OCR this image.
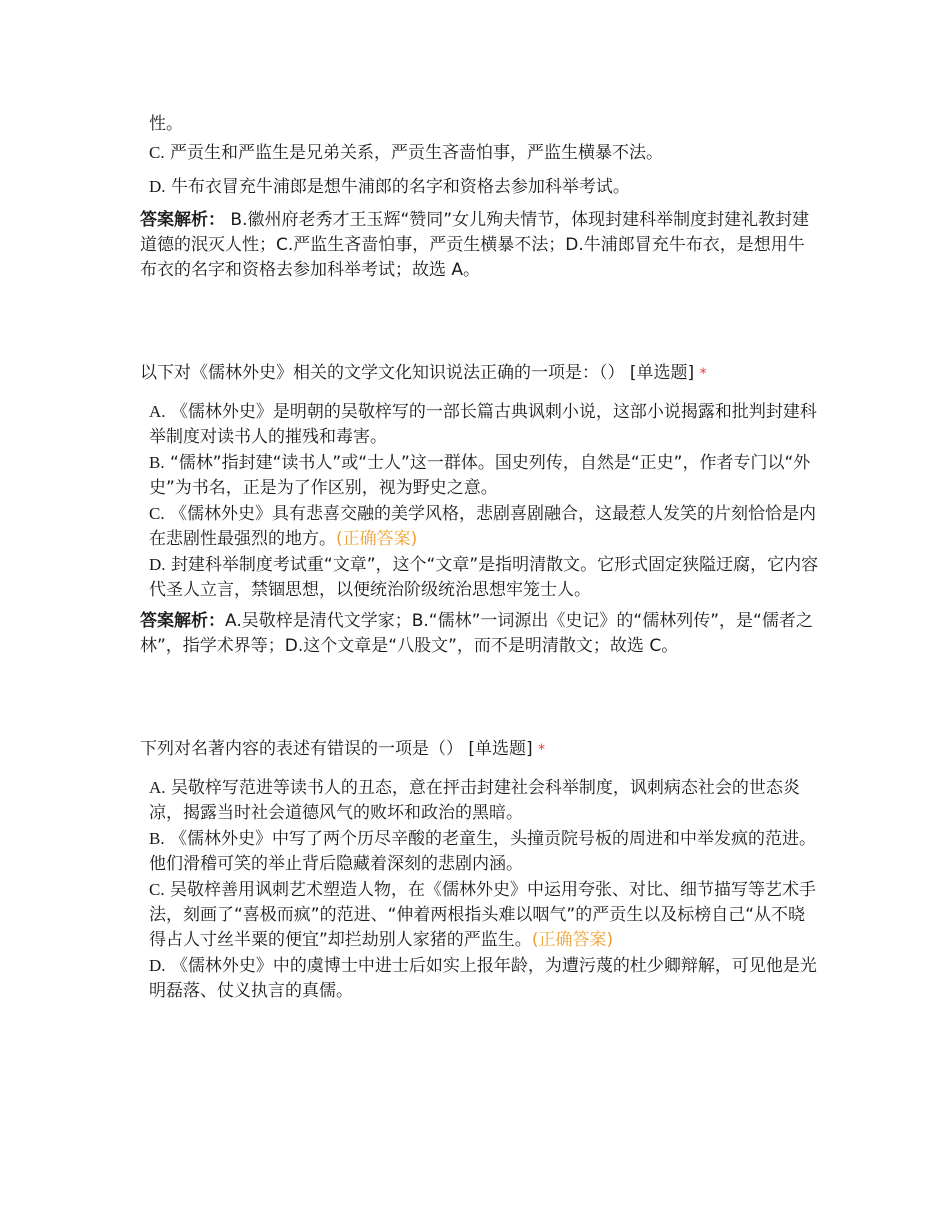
性。

C. 严贡生和严监生是兄弟关系，严贡生吝啬怕事，严监生横暴不法。

D. 牛布衣冒充牛浦郎是想牛浦郎的名字和资格去参加科举考试。

答案解析： B.徽州府老秀才王玉辉“赞同”女儿殉夫情节，体现封建科举制度封建礼教封建道德的泯灭人性；C.严监生吝啬怕事，严贡生横暴不法；D.牛浦郎冒充牛布衣，是想用牛布衣的名字和资格去参加科举考试；故选 A。

以下对《儒林外史》相关的文学文化知识说法正确的一项是：（） [单选题] *

A. 《儒林外史》是明朝的吴敬梓写的一部长篇古典讽刺小说，这部小说揭露和批判封建科举制度对读书人的摧残和毒害。

B. “儒林”指封建“读书人”或“士人”这一群体。国史列传，自然是“正史”，作者专门以“外史”为书名，正是为了作区别，视为野史之意。

C. 《儒林外史》具有悲喜交融的美学风格，悲剧喜剧融合，这最惹人发笑的片刻恰恰是内在悲剧性最强烈的地方。(正确答案)

D. 封建科举制度考试重“文章”，这个“文章”是指明清散文。它形式固定狭隘迂腐，它内容代圣人立言，禁锢思想，以便统治阶级统治思想牢笼士人。

答案解析：A.吴敬梓是清代文学家；B.“儒林”一词源出《史记》的“儒林列传”，是“儒者之林”，指学术界等；D.这个文章是“八股文”，而不是明清散文；故选 C。

下列对名著内容的表述有错误的一项是（） [单选题] *

A. 吴敬梓写范进等读书人的丑态，意在抨击封建社会科举制度，讽刺病态社会的世态炎凉，揭露当时社会道德风气的败坏和政治的黑暗。

B. 《儒林外史》中写了两个历尽辛酸的老童生，头撞贡院号板的周进和中举发疯的范进。他们滑稽可笑的举止背后隐藏着深刻的悲剧内涵。

C. 吴敬梓善用讽刺艺术塑造人物，在《儒林外史》中运用夸张、对比、细节描写等艺术手法，刻画了“喜极而疯”的范进、“伸着两根指头难以咽气”的严贡生以及标榜自己“从不晓得占人寸丝半粟的便宜”却拦劫别人家猪的严监生。(正确答案)

D. 《儒林外史》中的虞博士中进士后如实上报年龄，为遭污蔑的杜少卿辩解，可见他是光明磊落、仗义执言的真儒。
